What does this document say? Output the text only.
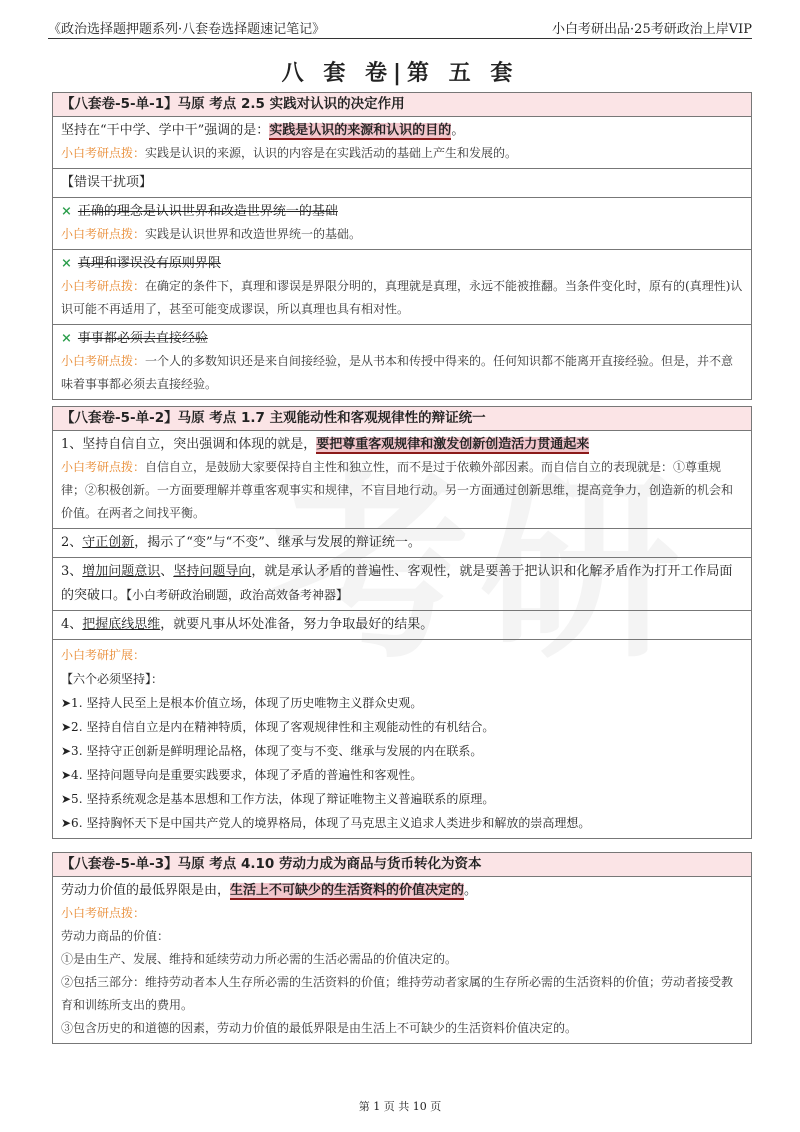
《政治选择题押题系列·八套卷选择题速记笔记》	小白考研出品·25考研政治上岸VIP
八 套 卷|第 五 套
【八套卷-5-单-1】马原 考点 2.5 实践对认识的决定作用
坚持在“干中学、学中干”强调的是：实践是认识的来源和认识的目的。
小白考研点拨：实践是认识的来源，认识的内容是在实践活动的基础上产生和发展的。
【错误干扰项】
× 正确的理念是认识世界和改造世界统一的基础
小白考研点拨：实践是认识世界和改造世界统一的基础。
× 真理和谬误没有原则界限
小白考研点拨：在确定的条件下，真理和谬误是界限分明的，真理就是真理，永远不能被推翻。当条件变化时，原有的(真理性)认识可能不再适用了，甚至可能变成谬误，所以真理也具有相对性。
× 事事都必须去直接经验
小白考研点拨：一个人的多数知识还是来自间接经验，是从书本和传授中得来的。任何知识都不能离开直接经验。但是，并不意味着事事都必须去直接经验。
【八套卷-5-单-2】马原 考点 1.7 主观能动性和客观规律性的辩证统一
1、坚持自信自立，突出强调和体现的就是，要把尊重客观规律和激发创新创造活力贯通起来
小白考研点拨：自信自立，是鼓励大家要保持自主性和独立性，而不是过于依赖外部因素。而自信自立的表现就是：①尊重规律；②积极创新。一方面要理解并尊重客观事实和规律，不盲目地行动。另一方面通过创新思维，提高竞争力，创造新的机会和价值。在两者之间找平衡。
2、守正创新，揭示了“变”与“不变”、继承与发展的辩证统一。
3、增加问题意识、坚持问题导向，就是承认矛盾的普遍性、客观性，就是要善于把认识和化解矛盾作为打开工作局面的突破口。【小白考研政治刷题，政治高效备考神器】
4、把握底线思维，就要凡事从坏处准备，努力争取最好的结果。
小白考研扩展：
【六个必须坚持】：
➤1. 坚持人民至上是根本价值立场，体现了历史唯物主义群众史观。
➤2. 坚持自信自立是内在精神特质，体现了客观规律性和主观能动性的有机结合。
➤3. 坚持守正创新是鲜明理论品格，体现了变与不变、继承与发展的内在联系。
➤4. 坚持问题导向是重要实践要求，体现了矛盾的普遍性和客观性。
➤5. 坚持系统观念是基本思想和工作方法，体现了辩证唯物主义普遍联系的原理。
➤6. 坚持胸怀天下是中国共产党人的境界格局，体现了马克思主义追求人类进步和解放的崇高理想。
【八套卷-5-单-3】马原 考点 4.10 劳动力成为商品与货币转化为资本
劳动力价值的最低界限是由，生活上不可缺少的生活资料的价值决定的。
小白考研点拨：
劳动力商品的价值：
①是由生产、发展、维持和延续劳动力所必需的生活必需品的价值决定的。
②包括三部分：维持劳动者本人生存所必需的生活资料的价值；维持劳动者家属的生存所必需的生活资料的价值；劳动者接受教育和训练所支出的费用。
③包含历史的和道德的因素，劳动力价值的最低界限是由生活上不可缺少的生活资料价值决定的。
第 1 页 共 10 页
